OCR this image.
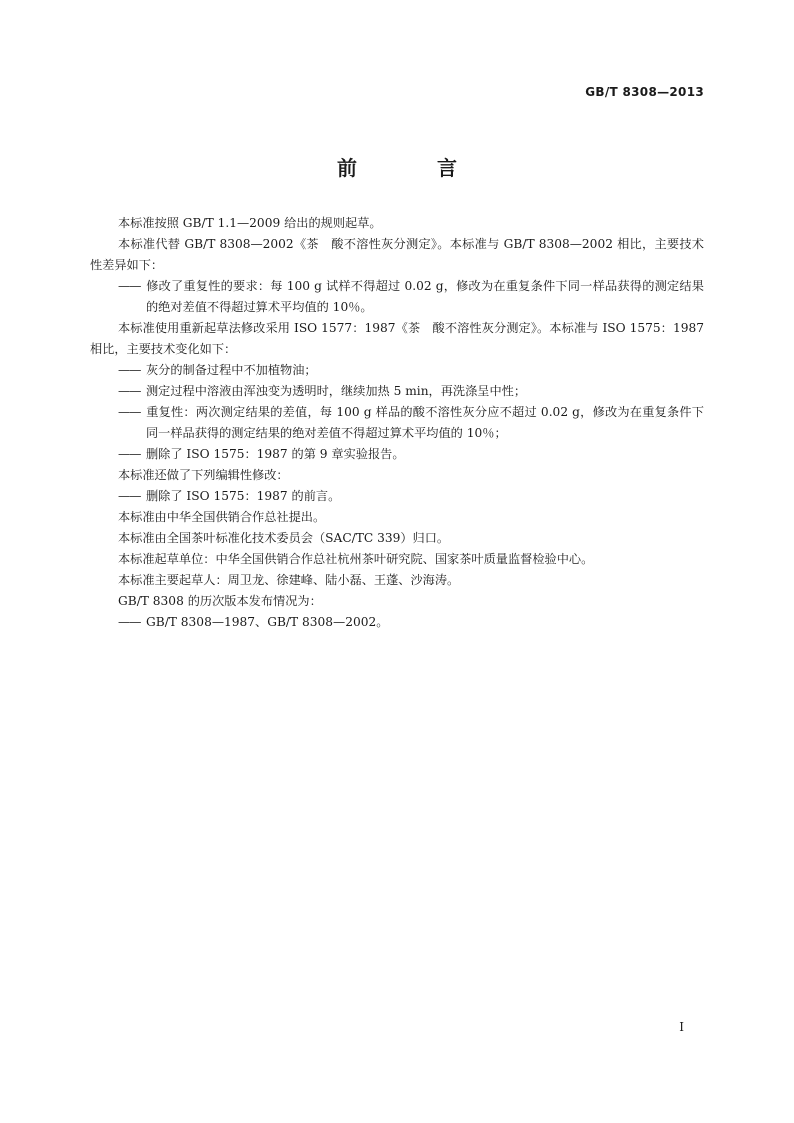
GB/T 8308—2013
前　言

本标准按照 GB/T 1.1—2009 给出的规则起草。

本标准代替 GB/T 8308—2002《茶　酸不溶性灰分测定》。本标准与 GB/T 8308—2002 相比，主要技术性差异如下：

—— 修改了重复性的要求：每 100 g 试样不得超过 0.02 g，修改为在重复条件下同一样品获得的测定结果的绝对差值不得超过算术平均值的 10％。

本标准使用重新起草法修改采用 ISO 1577：1987《茶　酸不溶性灰分测定》。本标准与 ISO 1575：1987 相比，主要技术变化如下：

—— 灰分的制备过程中不加植物油；

—— 测定过程中溶液由浑浊变为透明时，继续加热 5 min，再洗涤呈中性；

—— 重复性：两次测定结果的差值，每 100 g 样品的酸不溶性灰分应不超过 0.02 g，修改为在重复条件下同一样品获得的测定结果的绝对差值不得超过算术平均值的 10％；

—— 删除了 ISO 1575：1987 的第 9 章实验报告。

本标准还做了下列编辑性修改：

—— 删除了 ISO 1575：1987 的前言。

本标准由中华全国供销合作总社提出。

本标准由全国茶叶标准化技术委员会（SAC/TC 339）归口。

本标准起草单位：中华全国供销合作总社杭州茶叶研究院、国家茶叶质量监督检验中心。

本标准主要起草人：周卫龙、徐建峰、陆小磊、王蓬、沙海涛。

GB/T 8308 的历次版本发布情况为：

—— GB/T 8308—1987、GB/T 8308—2002。

I
